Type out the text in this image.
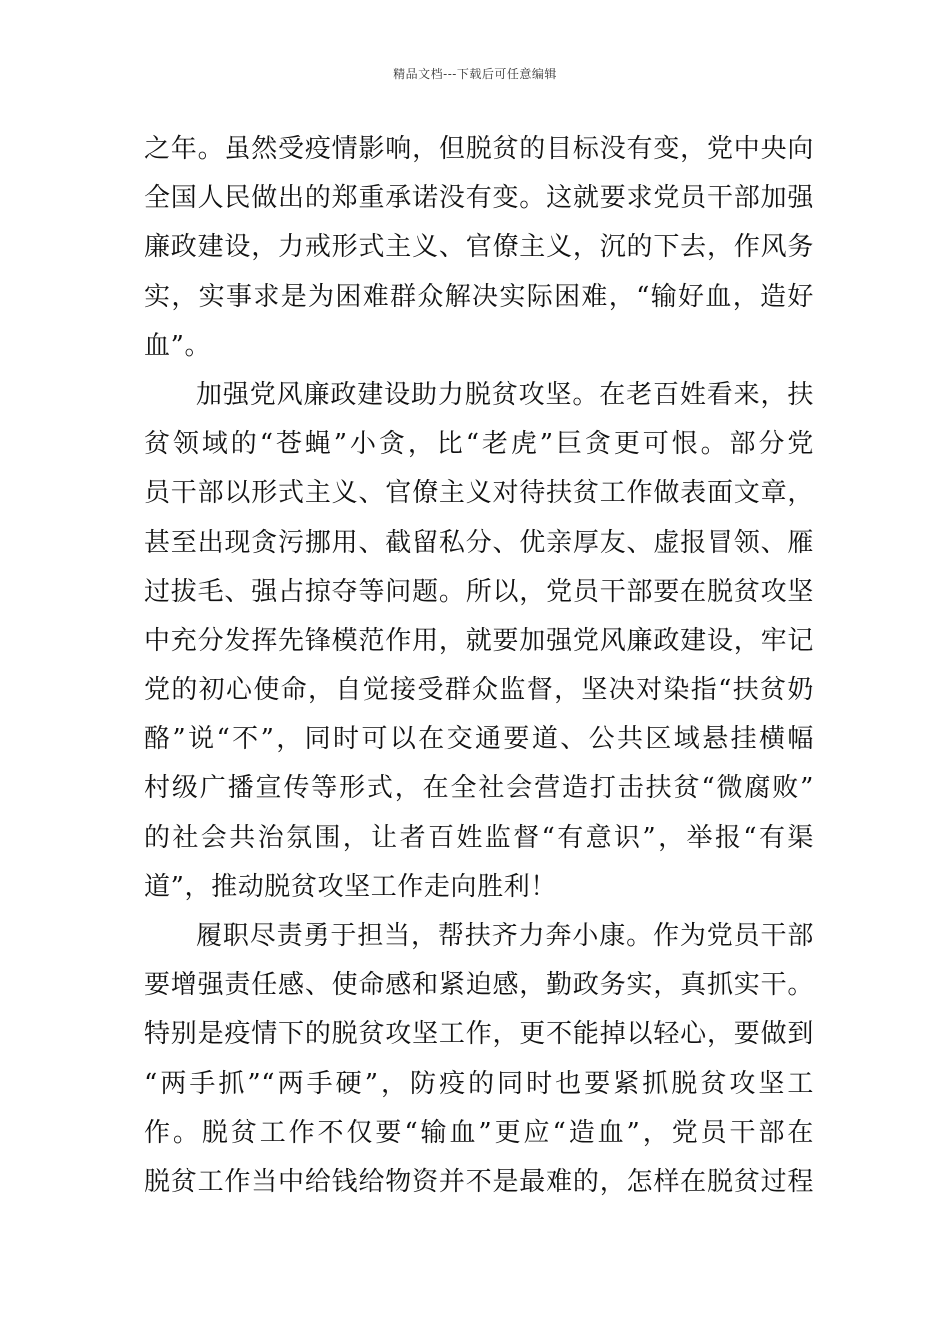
精品文档---下载后可任意编辑
之年。虽然受疫情影响，但脱贫的目标没有变，党中央向
全国人民做出的郑重承诺没有变。这就要求党员干部加强
廉政建设，力戒形式主义、官僚主义，沉的下去，作风务
实，实事求是为困难群众解决实际困难，“输好血，造好
血”。
加强党风廉政建设助力脱贫攻坚。在老百姓看来，扶
贫领域的“苍蝇”小贪，比“老虎”巨贪更可恨。部分党
员干部以形式主义、官僚主义对待扶贫工作做表面文章，
甚至出现贪污挪用、截留私分、优亲厚友、虚报冒领、雁
过拔毛、强占掠夺等问题。所以，党员干部要在脱贫攻坚
中充分发挥先锋模范作用，就要加强党风廉政建设，牢记
党的初心使命，自觉接受群众监督，坚决对染指“扶贫奶
酪”说“不”，同时可以在交通要道、公共区域悬挂横幅
村级广播宣传等形式，在全社会营造打击扶贫“微腐败”
的社会共治氛围，让者百姓监督“有意识”，举报“有渠
道”，推动脱贫攻坚工作走向胜利！
履职尽责勇于担当，帮扶齐力奔小康。作为党员干部
要增强责任感、使命感和紧迫感，勤政务实，真抓实干。
特别是疫情下的脱贫攻坚工作，更不能掉以轻心，要做到
“两手抓”“两手硬”，防疫的同时也要紧抓脱贫攻坚工
作。脱贫工作不仅要“输血”更应“造血”，党员干部在
脱贫工作当中给钱给物资并不是最难的，怎样在脱贫过程
